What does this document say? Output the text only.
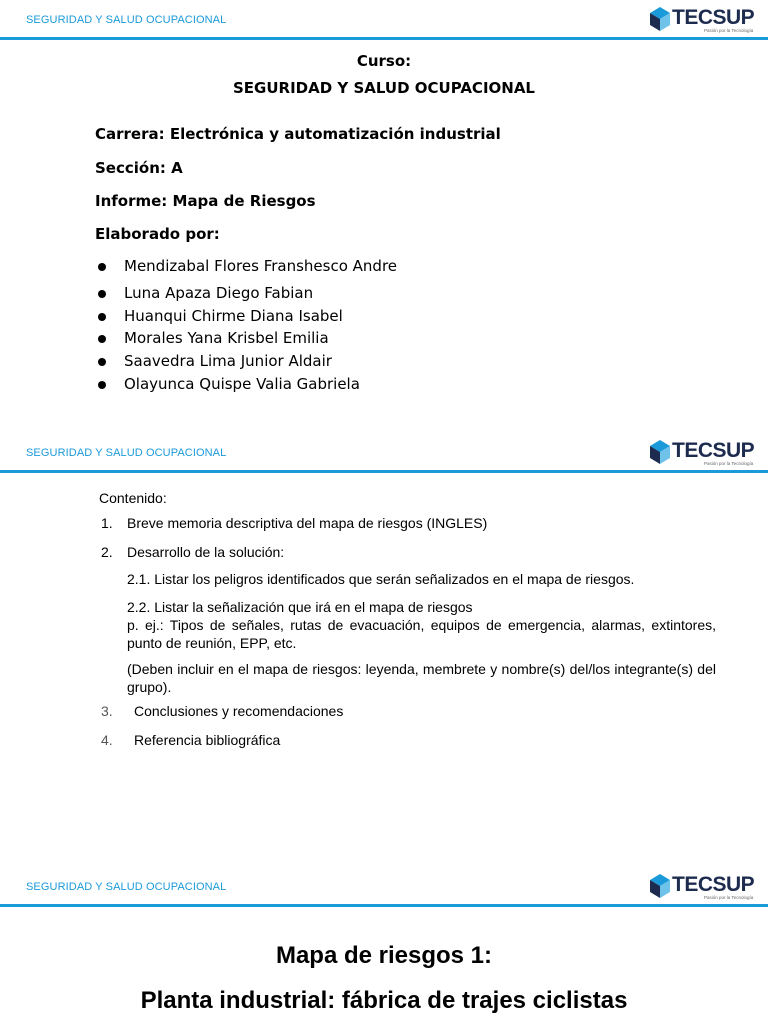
SEGURIDAD Y SALUD OCUPACIONAL	TECSUP
Pasión por la Tecnología
Curso:
SEGURIDAD Y SALUD OCUPACIONAL
Carrera: Electrónica y automatización industrial
Sección: A
Informe: Mapa de Riesgos
Elaborado por:
Mendizabal Flores Franshesco Andre
Luna Apaza Diego Fabian
Huanqui Chirme Diana Isabel
Morales Yana Krisbel Emilia
Saavedra Lima Junior Aldair
Olayunca Quispe Valia Gabriela
SEGURIDAD Y SALUD OCUPACIONAL	TECSUP
Pasión por la Tecnología
Contenido:
1. Breve memoria descriptiva del mapa de riesgos (INGLES)
2. Desarrollo de la solución:
2.1. Listar los peligros identificados que serán señalizados en el mapa de riesgos.
2.2. Listar la señalización que irá en el mapa de riesgos
p. ej.: Tipos de señales, rutas de evacuación, equipos de emergencia, alarmas, extintores, punto de reunión, EPP, etc.
(Deben incluir en el mapa de riesgos: leyenda, membrete y nombre(s) del/los integrante(s) del grupo).
3. Conclusiones y recomendaciones
4. Referencia bibliográfica
SEGURIDAD Y SALUD OCUPACIONAL	TECSUP
Pasión por la Tecnología
Mapa de riesgos 1:
Planta industrial: fábrica de trajes ciclistas
